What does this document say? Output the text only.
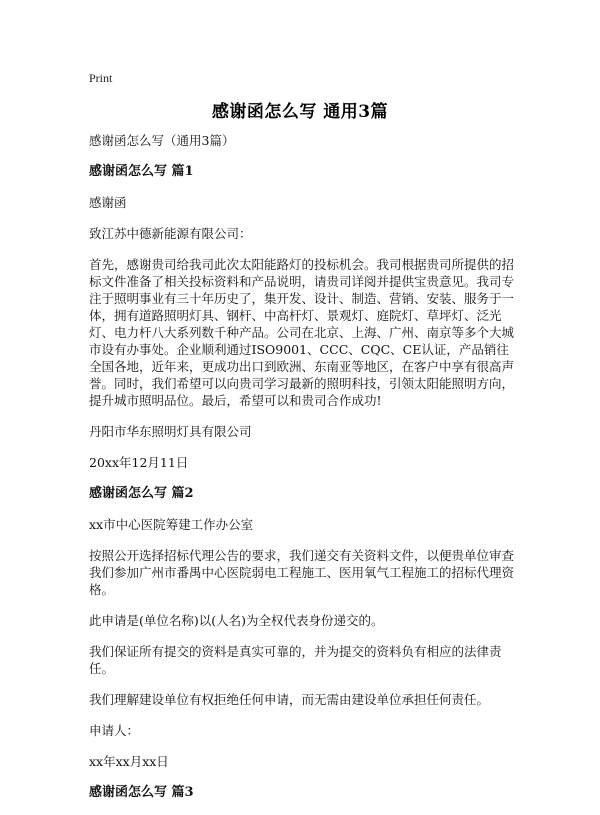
Print
感谢函怎么写 通用3篇

感谢函怎么写（通用3篇）

感谢函怎么写 篇1

感谢函

致江苏中德新能源有限公司：

首先，感谢贵司给我司此次太阳能路灯的投标机会。我司根据贵司所提供的招标文件准备了相关投标资料和产品说明，请贵司详阅并提供宝贵意见。我司专注于照明事业有三十年历史了，集开发、设计、制造、营销、安装、服务于一体，拥有道路照明灯具、钢杆、中高杆灯、景观灯、庭院灯、草坪灯、泛光灯、电力杆八大系列数千种产品。公司在北京、上海、广州、南京等多个大城市设有办事处。企业顺利通过ISO9001、CCC、CQC、CE认证，产品销往全国各地，近年来，更成功出口到欧洲、东南亚等地区，在客户中享有很高声誉。同时，我们希望可以向贵司学习最新的照明科技，引领太阳能照明方向，提升城市照明品位。最后，希望可以和贵司合作成功!

丹阳市华东照明灯具有限公司

20xx年12月11日

感谢函怎么写 篇2

xx市中心医院筹建工作办公室

按照公开选择招标代理公告的要求，我们递交有关资料文件，以便贵单位审查我们参加广州市番禺中心医院弱电工程施工、医用氧气工程施工的招标代理资格。

此申请是(单位名称)以(人名)为全权代表身份递交的。

我们保证所有提交的资料是真实可靠的，并为提交的资料负有相应的法律责任。

我们理解建设单位有权拒绝任何申请，而无需由建设单位承担任何责任。

申请人：

xx年xx月xx日

感谢函怎么写 篇3
